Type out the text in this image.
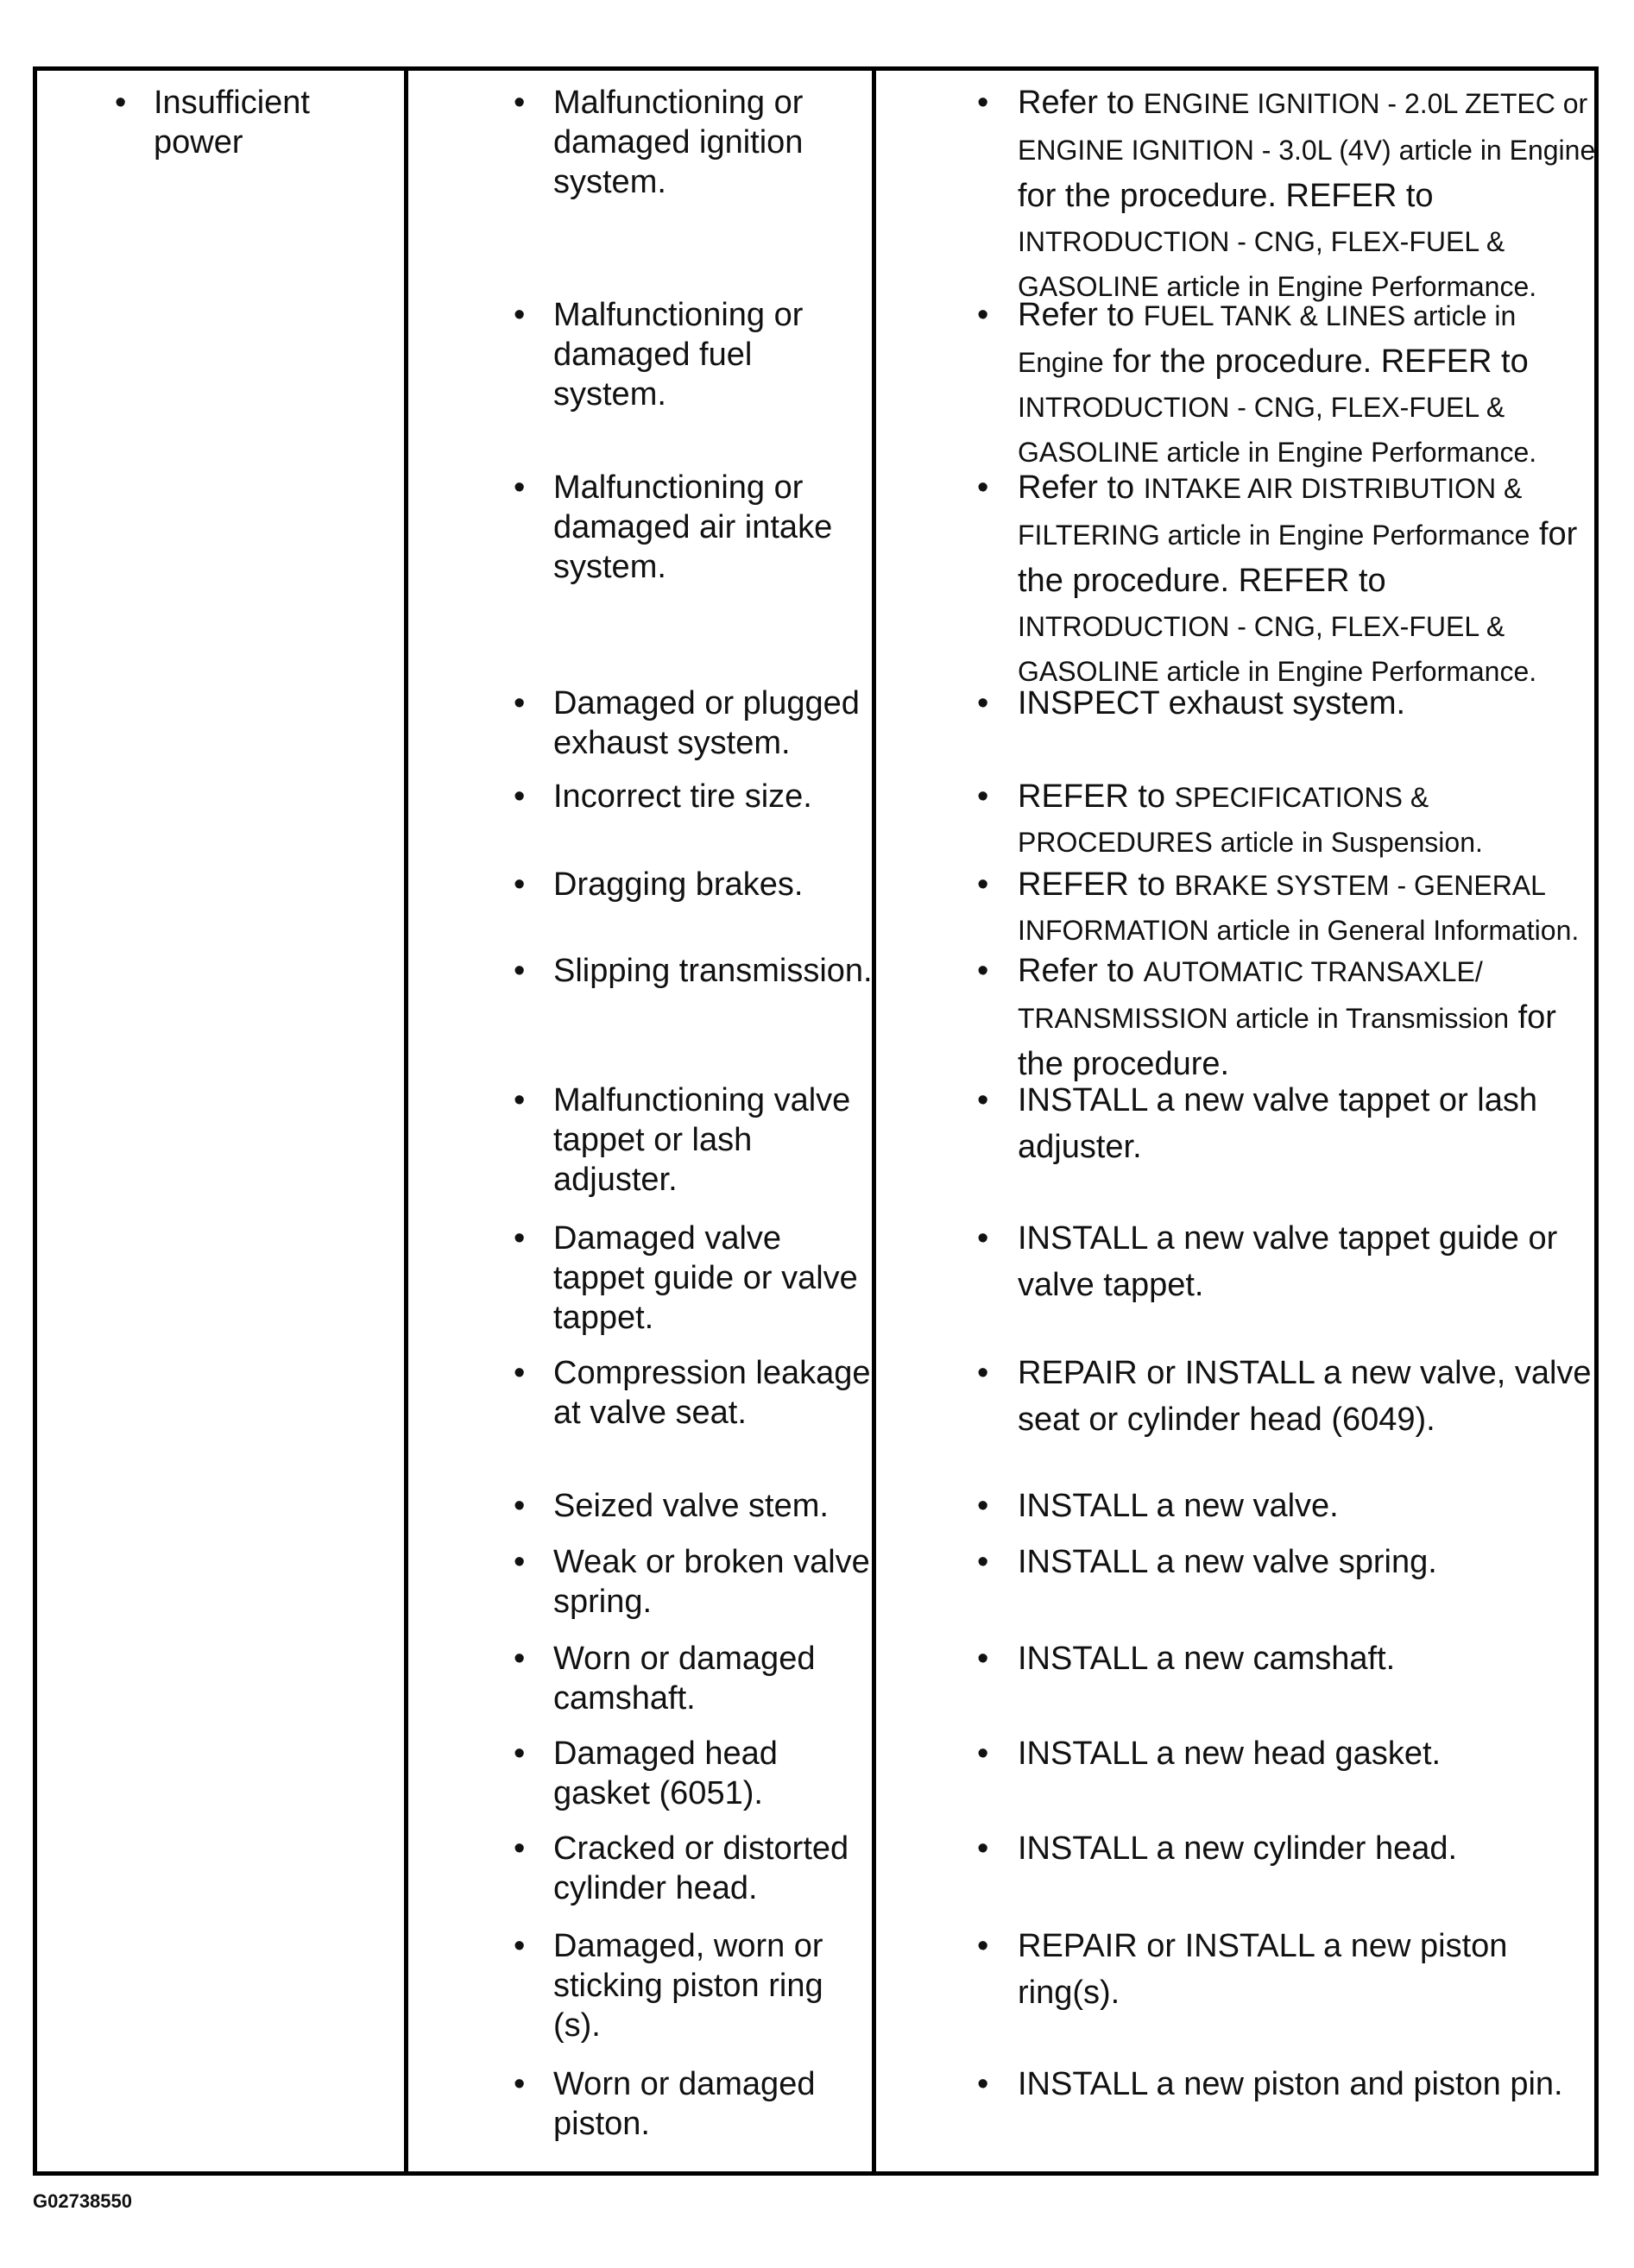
• Insufficient power
• Malfunctioning or damaged ignition system.
• Malfunctioning or damaged fuel system.
• Malfunctioning or damaged air intake system.
• Damaged or plugged exhaust system.
• Incorrect tire size.
• Dragging brakes.
• Slipping transmission.
• Malfunctioning valve tappet or lash adjuster.
• Damaged valve tappet guide or valve tappet.
• Compression leakage at valve seat.
• Seized valve stem.
• Weak or broken valve spring.
• Worn or damaged camshaft.
• Damaged head gasket (6051).
• Cracked or distorted cylinder head.
• Damaged, worn or sticking piston ring (s).
• Worn or damaged piston.
• Refer to ENGINE IGNITION - 2.0L ZETEC or ENGINE IGNITION - 3.0L (4V) article in Engine for the procedure. REFER to INTRODUCTION - CNG, FLEX-FUEL & GASOLINE article in Engine Performance.
• Refer to FUEL TANK & LINES article in Engine for the procedure. REFER to INTRODUCTION - CNG, FLEX-FUEL & GASOLINE article in Engine Performance.
• Refer to INTAKE AIR DISTRIBUTION & FILTERING article in Engine Performance for the procedure. REFER to INTRODUCTION - CNG, FLEX-FUEL & GASOLINE article in Engine Performance.
• INSPECT exhaust system.
• REFER to SPECIFICATIONS & PROCEDURES article in Suspension.
• REFER to BRAKE SYSTEM - GENERAL INFORMATION article in General Information.
• Refer to AUTOMATIC TRANSAXLE/ TRANSMISSION article in Transmission for the procedure.
• INSTALL a new valve tappet or lash adjuster.
• INSTALL a new valve tappet guide or valve tappet.
• REPAIR or INSTALL a new valve, valve seat or cylinder head (6049).
• INSTALL a new valve.
• INSTALL a new valve spring.
• INSTALL a new camshaft.
• INSTALL a new head gasket.
• INSTALL a new cylinder head.
• REPAIR or INSTALL a new piston ring(s).
• INSTALL a new piston and piston pin.
G02738550
